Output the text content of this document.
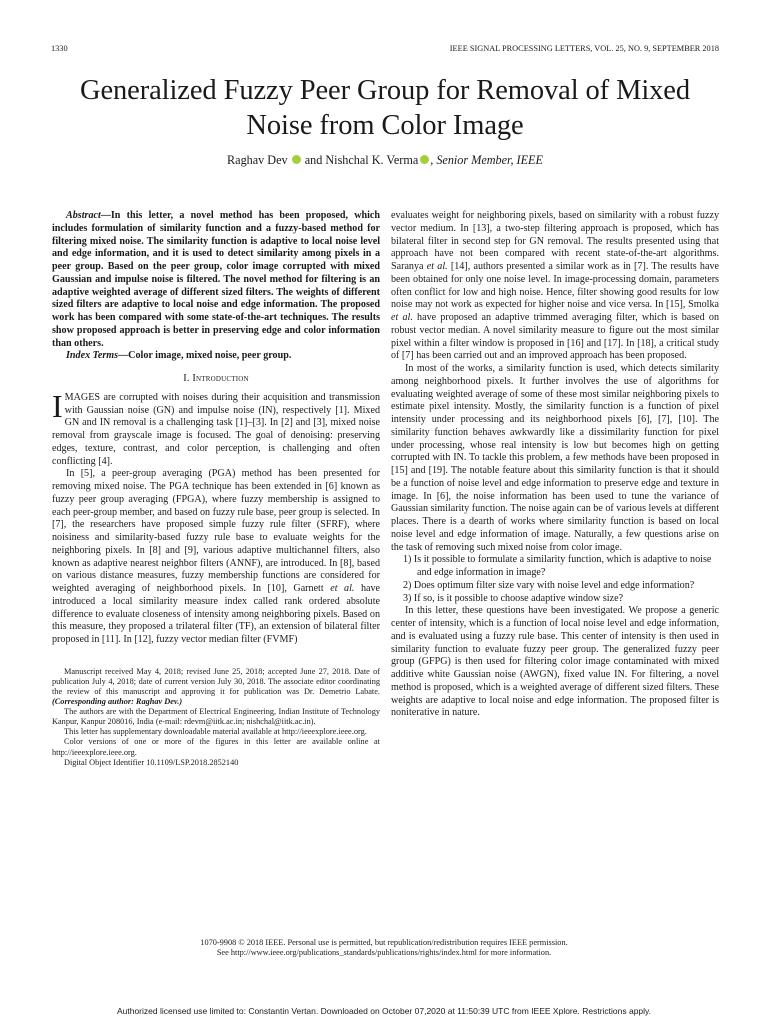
1330	IEEE SIGNAL PROCESSING LETTERS, VOL. 25, NO. 9, SEPTEMBER 2018
Generalized Fuzzy Peer Group for Removal of Mixed
Noise from Color Image
Raghav Dev and Nishchal K. Verma , Senior Member, IEEE

Abstract—In this letter, a novel method has been proposed, which includes formulation of similarity function and a fuzzy-based method for filtering mixed noise. The similarity function is adaptive to local noise level and edge information, and it is used to detect similarity among pixels in a peer group. Based on the peer group, color image corrupted with mixed Gaussian and impulse noise is filtered. The novel method for filtering is an adaptive weighted average of different sized filters. The weights of different sized filters are adaptive to local noise and edge information. The proposed work has been compared with some state-of-the-art techniques. The results show proposed approach is better in preserving edge and color information than others.

Index Terms—Color image, mixed noise, peer group.

I. Introduction

IMAGES are corrupted with noises during their acquisition and transmission with Gaussian noise (GN) and impulse noise (IN), respectively [1]. Mixed GN and IN removal is a challenging task [1]–[3]. In [2] and [3], mixed noise removal from grayscale image is focused. The goal of denoising: preserving edges, texture, contrast, and color perception, is challenging and often conflicting [4].

In [5], a peer-group averaging (PGA) method has been presented for removing mixed noise. The PGA technique has been extended in [6] known as fuzzy peer group averaging (FPGA), where fuzzy membership is assigned to each peer-group member, and based on fuzzy rule base, peer group is selected. In [7], the researchers have proposed simple fuzzy rule filter (SFRF), where noisiness and similarity-based fuzzy rule base to evaluate weights for the neighboring pixels. In [8] and [9], various adaptive multichannel filters, also known as adaptive nearest neighbor filters (ANNF), are introduced. In [8], based on various distance measures, fuzzy membership functions are considered for weighted averaging of neighborhood pixels. In [10], Garnett et al. have introduced a local similarity measure index called rank ordered absolute difference to evaluate closeness of intensity among neighboring pixels. Based on this measure, they proposed a trilateral filter (TF), an extension of bilateral filter proposed in [11]. In [12], fuzzy vector median filter (FVMF)

Manuscript received May 4, 2018; revised June 25, 2018; accepted June 27, 2018. Date of publication July 4, 2018; date of current version July 30, 2018. The associate editor coordinating the review of this manuscript and approving it for publication was Dr. Demetrio Labate. (Corresponding author: Raghav Dev.)

The authors are with the Department of Electrical Engineering, Indian Institute of Technology Kanpur, Kanpur 208016, India (e-mail: rdevm@iitk.ac.in; nishchal@iitk.ac.in).

This letter has supplementary downloadable material available at http://ieeexplore.ieee.org.

Color versions of one or more of the figures in this letter are available online at http://ieeexplore.ieee.org.

Digital Object Identifier 10.1109/LSP.2018.2852140

evaluates weight for neighboring pixels, based on similarity with a robust fuzzy vector medium. In [13], a two-step filtering approach is proposed, which has bilateral filter in second step for GN removal. The results presented using that approach have not been compared with recent state-of-the-art algorithms. Saranya et al. [14], authors presented a similar work as in [7]. The results have been obtained for only one noise level. In image-processing domain, parameters often conflict for low and high noise. Hence, filter showing good results for low noise may not work as expected for higher noise and vice versa. In [15], Smolka et al. have proposed an adaptive trimmed averaging filter, which is based on robust vector median. A novel similarity measure to figure out the most similar pixel within a filter window is proposed in [16] and [17]. In [18], a critical study of [7] has been carried out and an improved approach has been proposed.

In most of the works, a similarity function is used, which detects similarity among neighborhood pixels. It further involves the use of algorithms for evaluating weighted average of some of these most similar neighboring pixels to estimate pixel intensity. Mostly, the similarity function is a function of pixel intensity under processing and its neighborhood pixels [6], [7], [10]. The similarity function behaves awkwardly like a dissimilarity function for pixel under processing, whose real intensity is low but becomes high on getting corrupted with IN. To tackle this problem, a few methods have been proposed in [15] and [19]. The notable feature about this similarity function is that it should be a function of noise level and edge information to preserve edge and texture in image. In [6], the noise information has been used to tune the variance of Gaussian similarity function. The noise again can be of various levels at different places. There is a dearth of works where similarity function is based on local noise level and edge information of image. Naturally, a few questions arise on the task of removing such mixed noise from color image.

1) Is it possible to formulate a similarity function, which is adaptive to noise and edge information in image?
2) Does optimum filter size vary with noise level and edge information?
3) If so, is it possible to choose adaptive window size?

In this letter, these questions have been investigated. We propose a generic center of intensity, which is a function of local noise level and edge information, and is evaluated using a fuzzy rule base. This center of intensity is then used in similarity function to evaluate fuzzy peer group. The generalized fuzzy peer group (GFPG) is then used for filtering color image contaminated with mixed additive white Gaussian noise (AWGN), fixed value IN. For filtering, a novel method is proposed, which is a weighted average of different sized filters. These weights are adaptive to local noise and edge information. The proposed filter is noniterative in nature.

1070-9908 © 2018 IEEE. Personal use is permitted, but republication/redistribution requires IEEE permission.
See http://www.ieee.org/publications_standards/publications/rights/index.html for more information.
Authorized licensed use limited to: Constantin Vertan. Downloaded on October 07,2020 at 11:50:39 UTC from IEEE Xplore. Restrictions apply.
